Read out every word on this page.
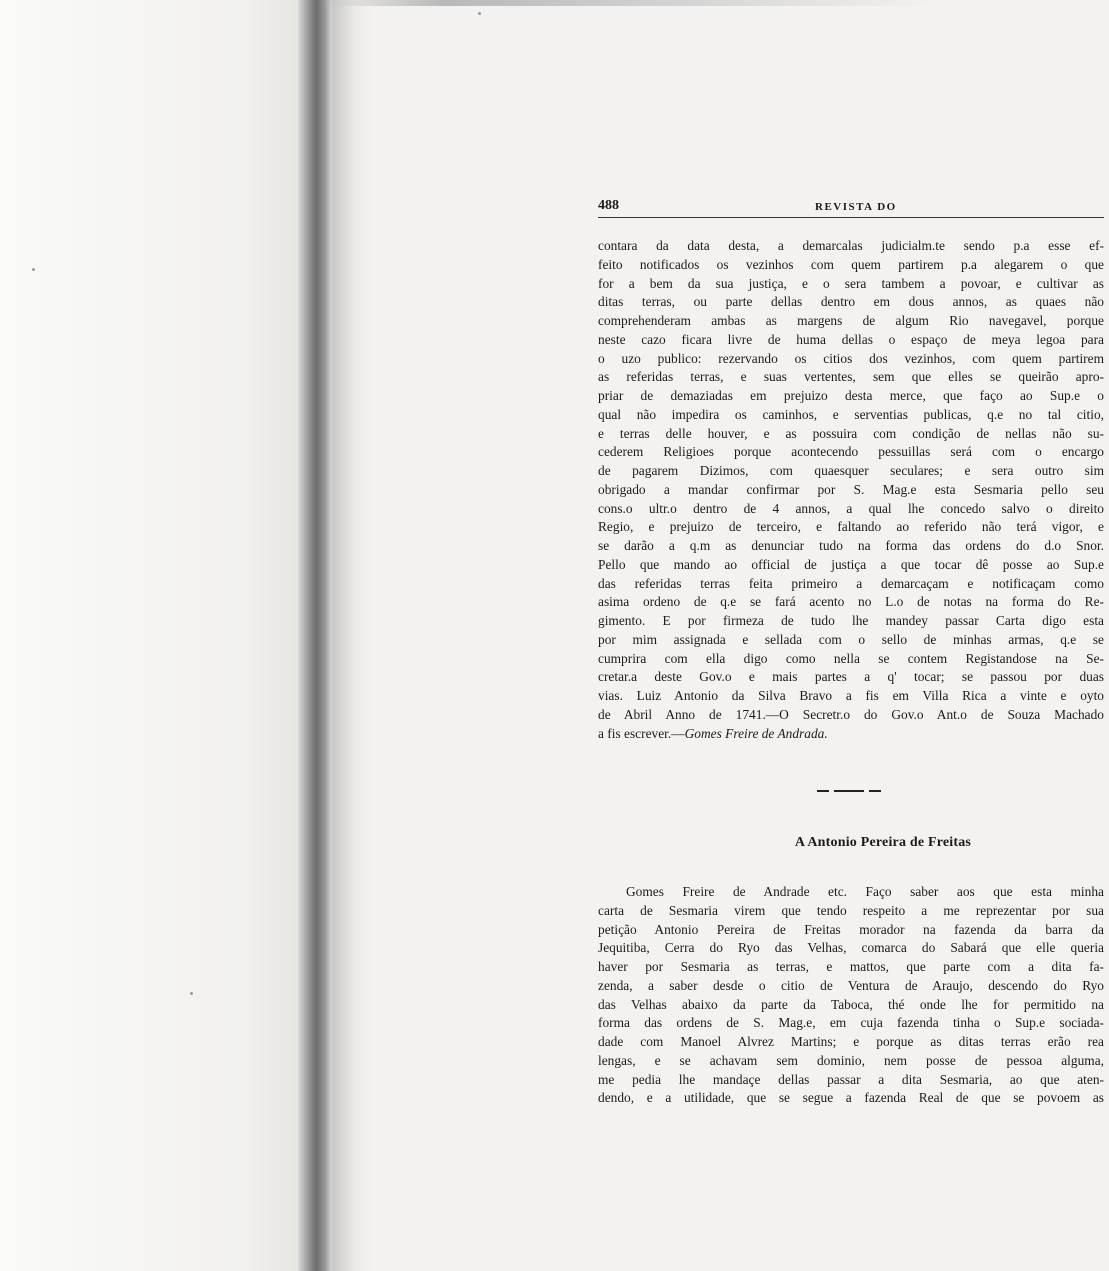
488	REVISTA DO
contara da data desta, a demarcalas judicialm.te sendo p.a esse ef-
feito notificados os vezinhos com quem partirem p.a alegarem o que
for a bem da sua justiça, e o sera tambem a povoar, e cultivar as
ditas terras, ou parte dellas dentro em dous annos, as quaes não
comprehenderam ambas as margens de algum Rio navegavel, porque
neste cazo ficara livre de huma dellas o espaço de meya legoa para
o uzo publico: rezervando os citios dos vezinhos, com quem partirem
as referidas terras, e suas vertentes, sem que elles se queirão apro-
priar de demaziadas em prejuizo desta merce, que faço ao Sup.e o
qual não impedira os caminhos, e serventias publicas, q.e no tal citio,
e terras delle houver, e as possuira com condição de nellas não su-
cederem Religioes porque acontecendo pessuillas será com o encargo
de pagarem Dizimos, com quaesquer seculares; e sera outro sim
obrigado a mandar confirmar por S. Mag.e esta Sesmaria pello seu
cons.o ultr.o dentro de 4 annos, a qual lhe concedo salvo o direito
Regio, e prejuizo de terceiro, e faltando ao referido não terá vigor, e
se darão a q.m as denunciar tudo na forma das ordens do d.o Snor.
Pello que mando ao official de justiça a que tocar dê posse ao Sup.e
das referidas terras feita primeiro a demarcaçam e notificaçam como
asima ordeno de q.e se fará acento no L.o de notas na forma do Re-
gimento. E por firmeza de tudo lhe mandey passar Carta digo esta
por mim assignada e sellada com o sello de minhas armas, q.e se
cumprira com ella digo como nella se contem Registandose na Se-
cretar.a deste Gov.o e mais partes a q' tocar; se passou por duas
vias. Luiz Antonio da Silva Bravo a fis em Villa Rica a vinte e oyto
de Abril Anno de 1741.—O Secretr.o do Gov.o Ant.o de Souza Machado
a fis escrever.—Gomes Freire de Andrada.
A Antonio Pereira de Freitas
Gomes Freire de Andrade etc. Faço saber aos que esta minha
carta de Sesmaria virem que tendo respeito a me reprezentar por sua
petição Antonio Pereira de Freitas morador na fazenda da barra da
Jequitiba, Cerra do Ryo das Velhas, comarca do Sabará que elle queria
haver por Sesmaria as terras, e mattos, que parte com a dita fa-
zenda, a saber desde o citio de Ventura de Araujo, descendo do Ryo
das Velhas abaixo da parte da Taboca, thé onde lhe for permitido na
forma das ordens de S. Mag.e, em cuja fazenda tinha o Sup.e sociada-
dade com Manoel Alvrez Martins; e porque as ditas terras erão rea
lengas, e se achavam sem dominio, nem posse de pessoa alguma,
me pedia lhe mandaçe dellas passar a dita Sesmaria, ao que aten-
dendo, e a utilidade, que se segue a fazenda Real de que se povoem as
